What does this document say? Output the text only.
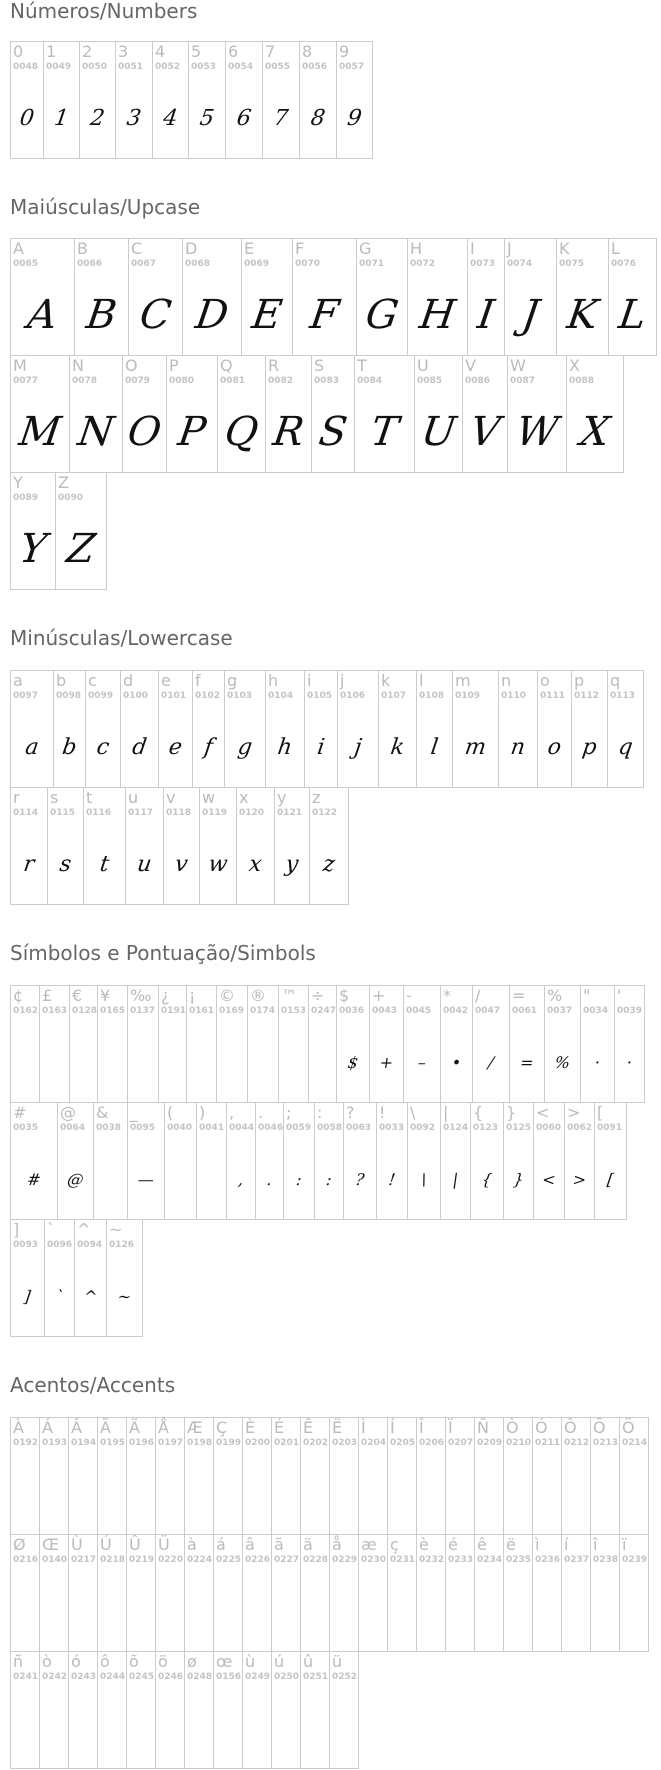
Números/Numbers
Maiúsculas/Upcase
Minúsculas/Lowercase
Símbolos e Pontuação/Simbols
Acentos/Accents
0
0048
0
1
0049
1
2
0050
2
3
0051
3
4
0052
4
5
0053
5
6
0054
6
7
0055
7
8
0056
8
9
0057
9
A
0065
A
B
0066
B
C
0067
C
D
0068
D
E
0069
E
F
0070
F
G
0071
G
H
0072
H
I
0073
I
J
0074
J
K
0075
K
L
0076
L
M
0077
M
N
0078
N
O
0079
O
P
0080
P
Q
0081
Q
R
0082
R
S
0083
S
T
0084
T
U
0085
U
V
0086
V
W
0087
W
X
0088
X
Y
0089
Y
Z
0090
Z
a
0097
a
b
0098
b
c
0099
c
d
0100
d
e
0101
e
f
0102
f
g
0103
g
h
0104
h
i
0105
i
j
0106
j
k
0107
k
l
0108
l
m
0109
m
n
0110
n
o
0111
o
p
0112
p
q
0113
q
r
0114
r
s
0115
s
t
0116
t
u
0117
u
v
0118
v
w
0119
w
x
0120
x
y
0121
y
z
0122
z
¢
0162
£
0163
€
0128
¥
0165
‰
0137
¿
0191
¡
0161
©
0169
®
0174
™
0153
÷
0247
$
0036
$
+
0043
+
-
0045
–
*
0042
•
/
0047
/
=
0061
=
%
0037
%
"
0034
·
'
0039
·
#
0035
#
@
0064
@
&
0038
_
0095
—
(
0040
)
0041
,
0044
,
.
0046
.
;
0059
:
:
0058
:
?
0063
?
!
0033
!
\
0092
\
|
0124
|
{
0123
{
}
0125
}
<
0060
<
>
0062
>
[
0091
[
]
0093
]
`
0096
`
^
0094
^
~
0126
~
À
0192
Á
0193
Â
0194
Ã
0195
Ä
0196
Å
0197
Æ
0198
Ç
0199
È
0200
É
0201
Ê
0202
Ë
0203
Ì
0204
Í
0205
Î
0206
Ï
0207
Ñ
0209
Ò
0210
Ó
0211
Ô
0212
Õ
0213
Ö
0214
Ø
0216
Œ
0140
Ù
0217
Ú
0218
Û
0219
Ü
0220
à
0224
á
0225
â
0226
ã
0227
ä
0228
å
0229
æ
0230
ç
0231
è
0232
é
0233
ê
0234
ë
0235
ì
0236
í
0237
î
0238
ï
0239
ñ
0241
ò
0242
ó
0243
ô
0244
õ
0245
ö
0246
ø
0248
œ
0156
ù
0249
ú
0250
û
0251
ü
0252
